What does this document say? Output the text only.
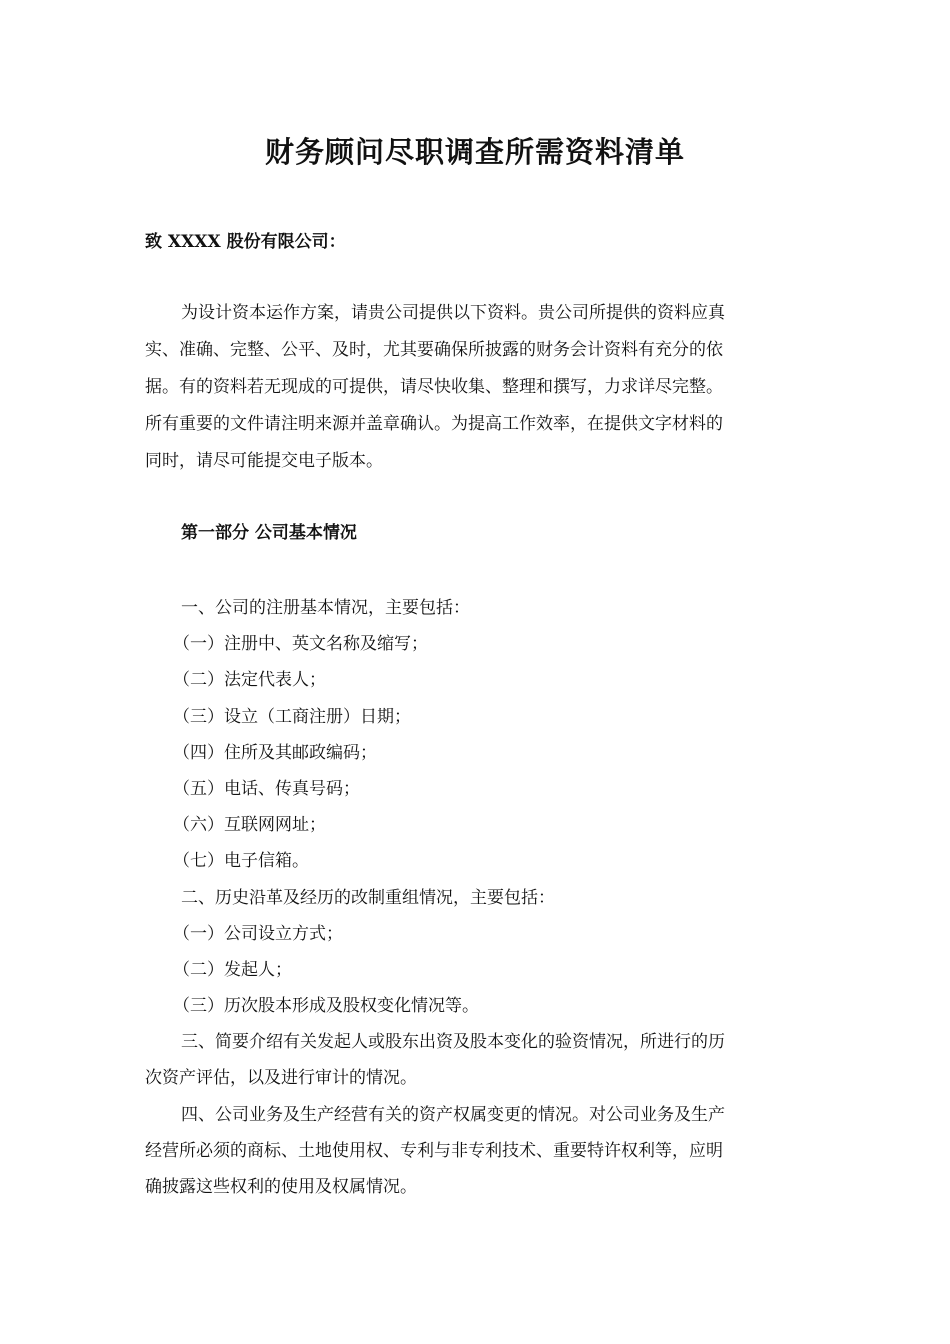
财务顾问尽职调查所需资料清单
致 XXXX 股份有限公司：
为设计资本运作方案，请贵公司提供以下资料。贵公司所提供的资料应真
实、准确、完整、公平、及时，尤其要确保所披露的财务会计资料有充分的依
据。有的资料若无现成的可提供，请尽快收集、整理和撰写，力求详尽完整。
所有重要的文件请注明来源并盖章确认。为提高工作效率，在提供文字材料的
同时，请尽可能提交电子版本。
第一部分 公司基本情况
一、公司的注册基本情况，主要包括：
（一）注册中、英文名称及缩写；
（二）法定代表人；
（三）设立（工商注册）日期；
（四）住所及其邮政编码；
（五）电话、传真号码；
（六）互联网网址；
（七）电子信箱。
二、历史沿革及经历的改制重组情况，主要包括：
（一）公司设立方式；
（二）发起人；
（三）历次股本形成及股权变化情况等。
三、简要介绍有关发起人或股东出资及股本变化的验资情况，所进行的历
次资产评估，以及进行审计的情况。
四、公司业务及生产经营有关的资产权属变更的情况。对公司业务及生产
经营所必须的商标、土地使用权、专利与非专利技术、重要特许权利等，应明
确披露这些权利的使用及权属情况。
